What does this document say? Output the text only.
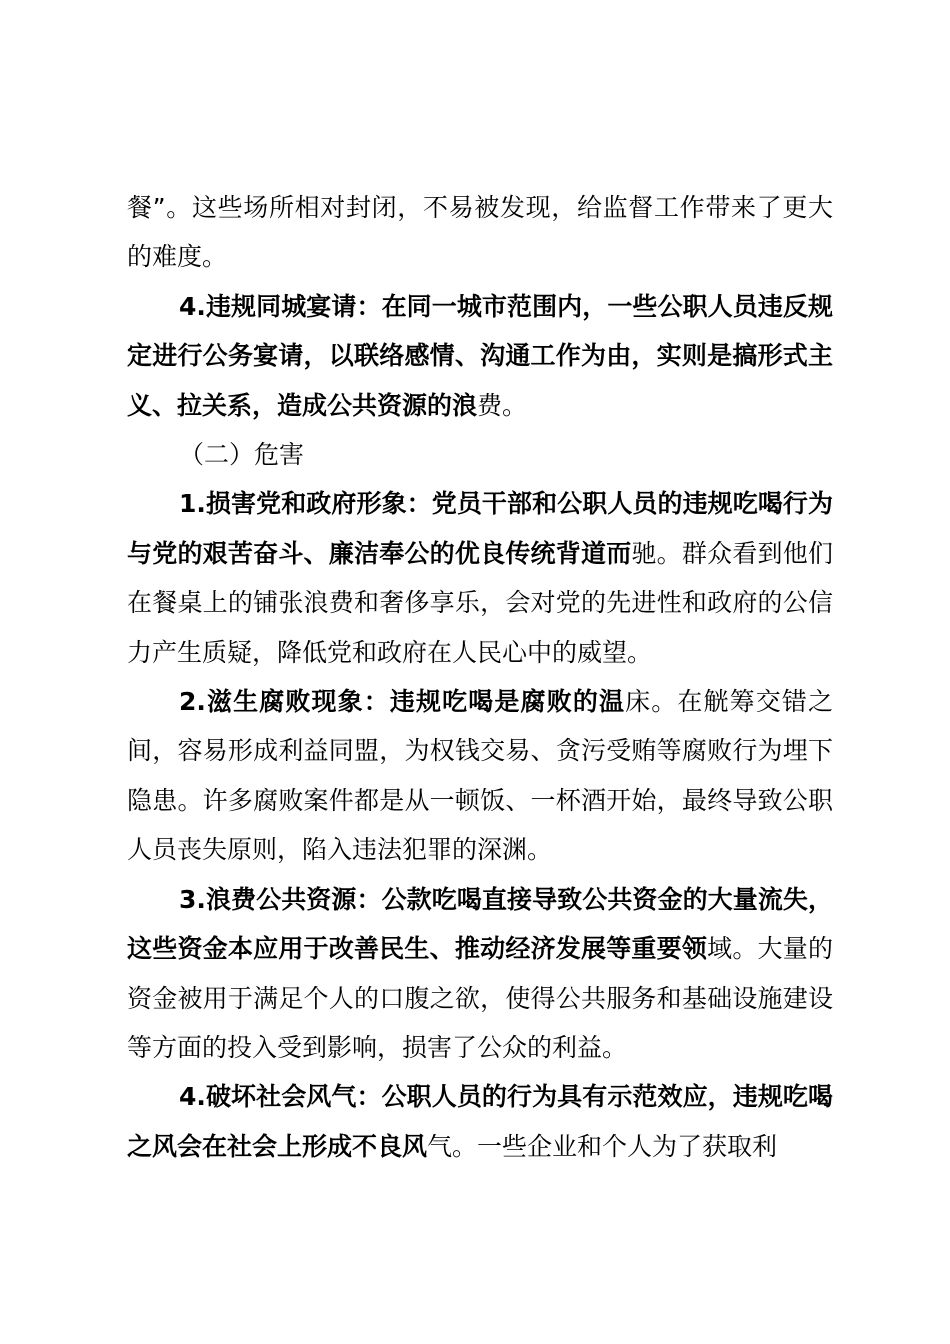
餐”。这些场所相对封闭，不易被发现，给监督工作带来了更大的难度。

4.违规同城宴请：在同一城市范围内，一些公职人员违反规定进行公务宴请，以联络感情、沟通工作为由，实则是搞形式主义、拉关系，造成公共资源的浪费。

（二）危害

1.损害党和政府形象：党员干部和公职人员的违规吃喝行为与党的艰苦奋斗、廉洁奉公的优良传统背道而驰。群众看到他们在餐桌上的铺张浪费和奢侈享乐，会对党的先进性和政府的公信力产生质疑，降低党和政府在人民心中的威望。

2.滋生腐败现象：违规吃喝是腐败的温床。在觥筹交错之间，容易形成利益同盟，为权钱交易、贪污受贿等腐败行为埋下隐患。许多腐败案件都是从一顿饭、一杯酒开始，最终导致公职人员丧失原则，陷入违法犯罪的深渊。

3.浪费公共资源：公款吃喝直接导致公共资金的大量流失，这些资金本应用于改善民生、推动经济发展等重要领域。大量的资金被用于满足个人的口腹之欲，使得公共服务和基础设施建设等方面的投入受到影响，损害了公众的利益。

4.破坏社会风气：公职人员的行为具有示范效应，违规吃喝之风会在社会上形成不良风气。一些企业和个人为了获取利
